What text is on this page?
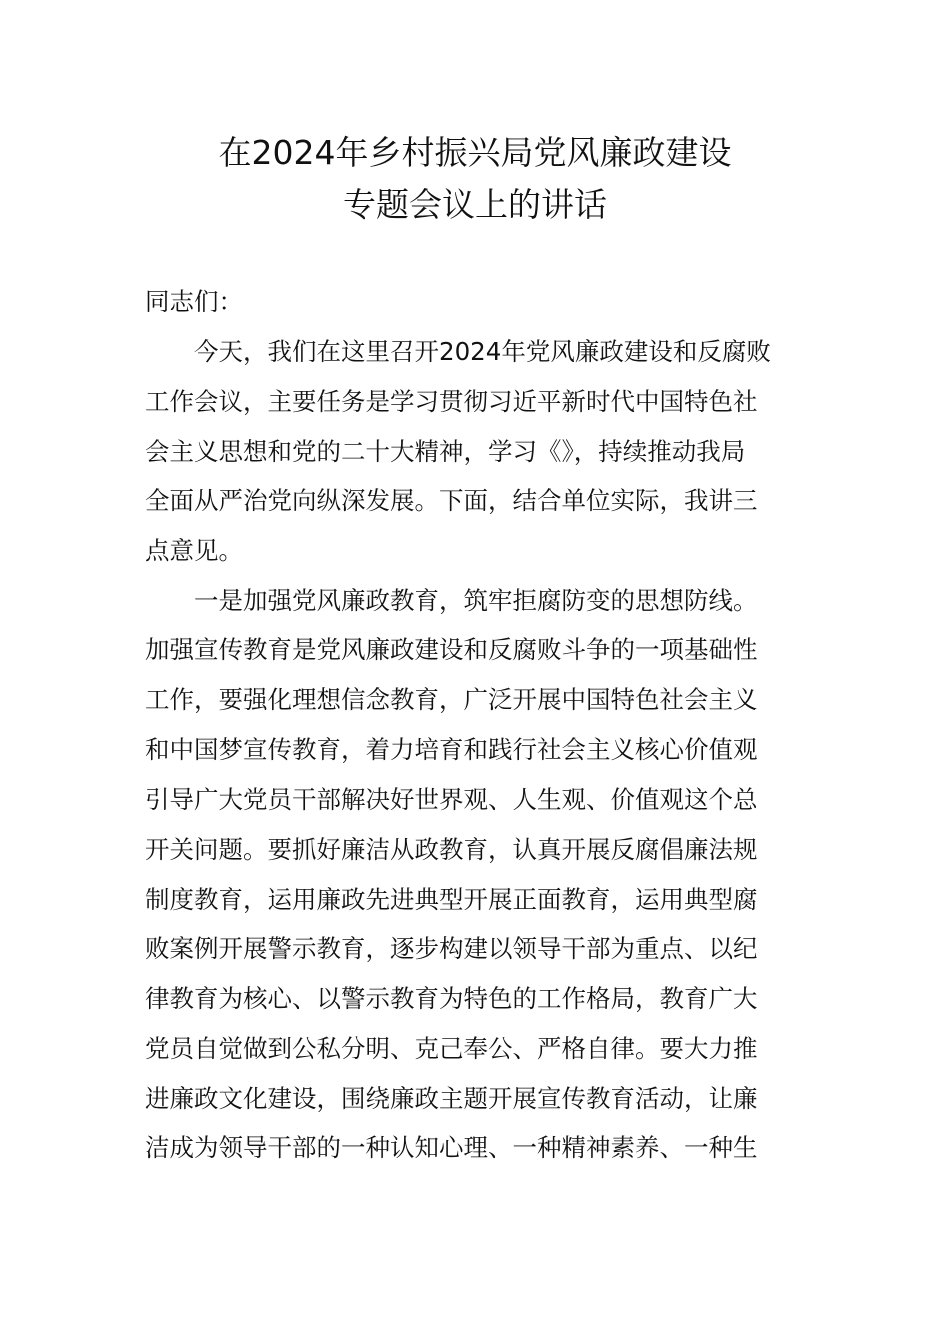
在2024年乡村振兴局党风廉政建设
专题会议上的讲话
同志们：
今天，我们在这里召开2024年党风廉政建设和反腐败
工作会议，主要任务是学习贯彻习近平新时代中国特色社
会主义思想和党的二十大精神，学习《》，持续推动我局
全面从严治党向纵深发展。下面，结合单位实际，我讲三
点意见。
一是加强党风廉政教育，筑牢拒腐防变的思想防线。
加强宣传教育是党风廉政建设和反腐败斗争的一项基础性
工作，要强化理想信念教育，广泛开展中国特色社会主义
和中国梦宣传教育，着力培育和践行社会主义核心价值观
引导广大党员干部解决好世界观、人生观、价值观这个总
开关问题。要抓好廉洁从政教育，认真开展反腐倡廉法规
制度教育，运用廉政先进典型开展正面教育，运用典型腐
败案例开展警示教育，逐步构建以领导干部为重点、以纪
律教育为核心、以警示教育为特色的工作格局，教育广大
党员自觉做到公私分明、克己奉公、严格自律。要大力推
进廉政文化建设，围绕廉政主题开展宣传教育活动，让廉
洁成为领导干部的一种认知心理、一种精神素养、一种生
